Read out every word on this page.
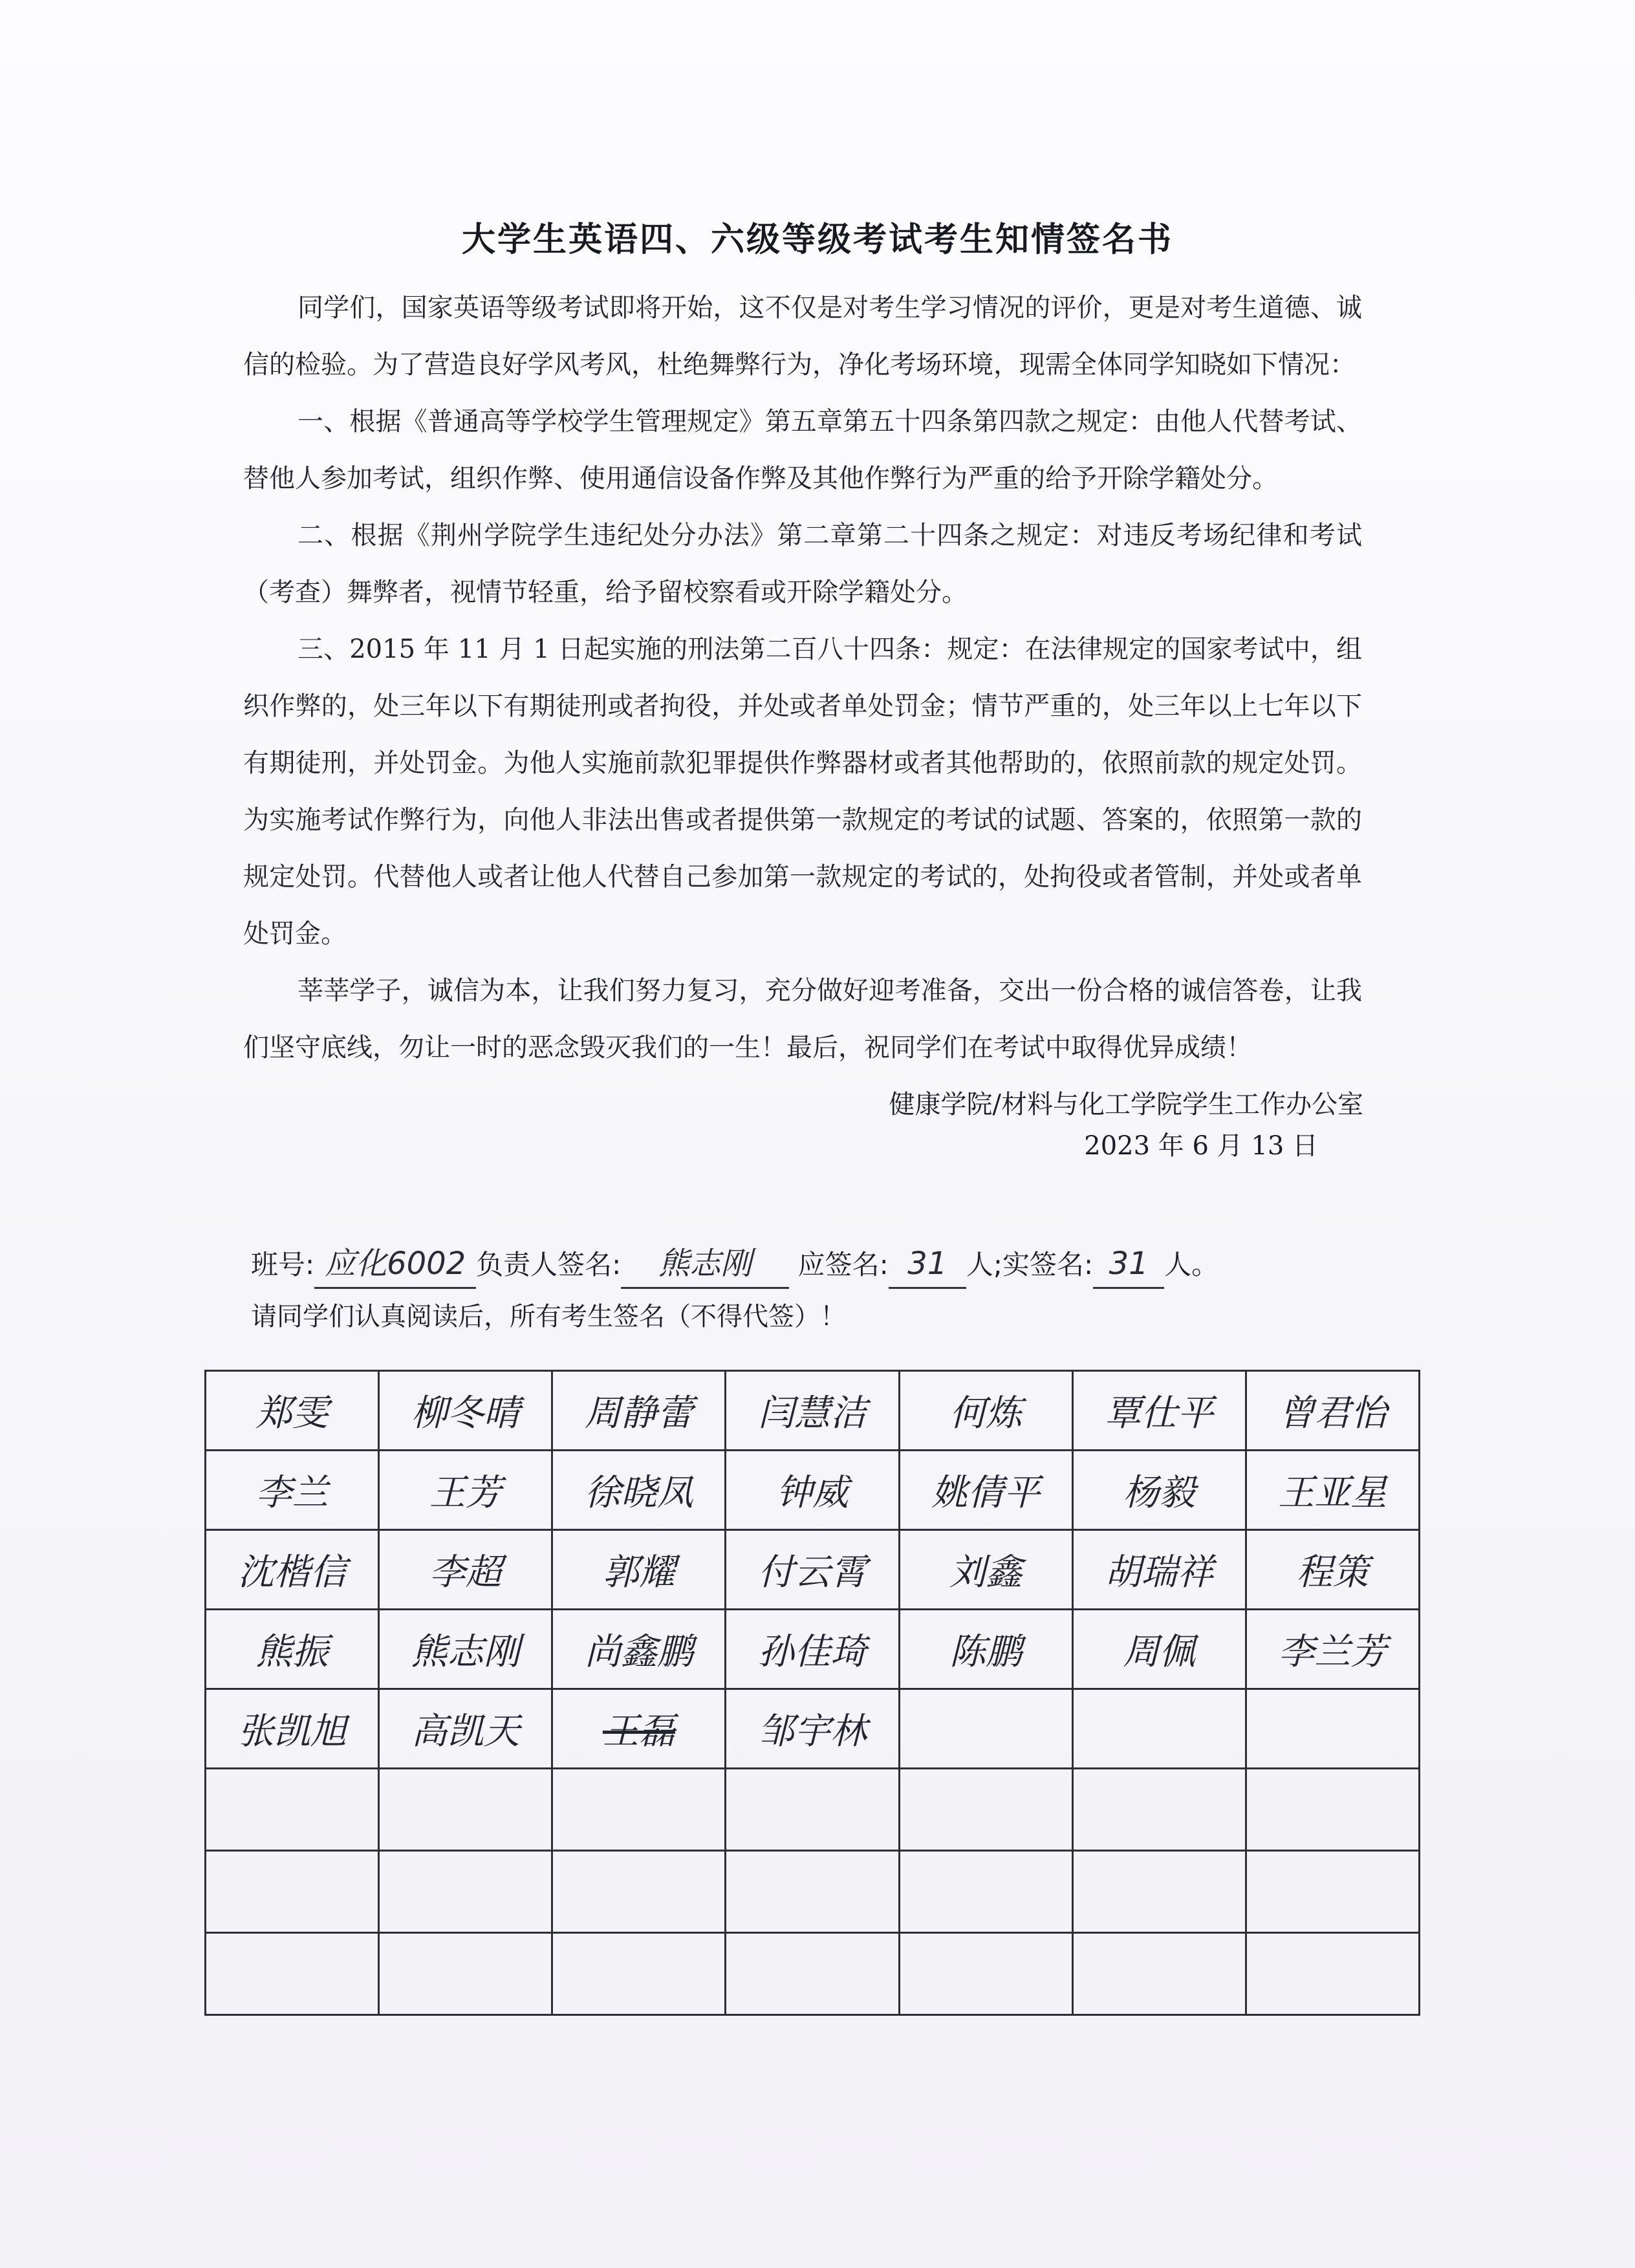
大学生英语四、六级等级考试考生知情签名书

同学们，国家英语等级考试即将开始，这不仅是对考生学习情况的评价，更是对考生道德、诚信的检验。为了营造良好学风考风，杜绝舞弊行为，净化考场环境，现需全体同学知晓如下情况：

一、根据《普通高等学校学生管理规定》第五章第五十四条第四款之规定：由他人代替考试、替他人参加考试，组织作弊、使用通信设备作弊及其他作弊行为严重的给予开除学籍处分。

二、根据《荆州学院学生违纪处分办法》第二章第二十四条之规定：对违反考场纪律和考试（考查）舞弊者，视情节轻重，给予留校察看或开除学籍处分。

三、2015 年 11 月 1 日起实施的刑法第二百八十四条：规定：在法律规定的国家考试中，组织作弊的，处三年以下有期徒刑或者拘役，并处或者单处罚金；情节严重的，处三年以上七年以下有期徒刑，并处罚金。为他人实施前款犯罪提供作弊器材或者其他帮助的，依照前款的规定处罚。为实施考试作弊行为，向他人非法出售或者提供第一款规定的考试的试题、答案的，依照第一款的规定处罚。代替他人或者让他人代替自己参加第一款规定的考试的，处拘役或者管制，并处或者单处罚金。

莘莘学子，诚信为本，让我们努力复习，充分做好迎考准备，交出一份合格的诚信答卷，让我们坚守底线，勿让一时的恶念毁灭我们的一生！最后，祝同学们在考试中取得优异成绩！

健康学院/材料与化工学院学生工作办公室
2023 年 6 月 13 日
班号: 应化6002 负责人签名: 熊志刚 应签名: 31 人;实签名: 31 人。
请同学们认真阅读后，所有考生签名（不得代签）！
郑雯	柳冬晴	周静蕾	闫慧洁	何炼	覃仕平	曾君怡
李兰	王芳	徐晓凤	钟威	姚倩平	杨毅	王亚星
沈楷信	李超	郭耀	付云霄	刘鑫	胡瑞祥	程策
熊振	熊志刚	尚鑫鹏	孙佳琦	陈鹏	周佩	李兰芳
张凯旭	高凯天	王磊	邹宇林			
